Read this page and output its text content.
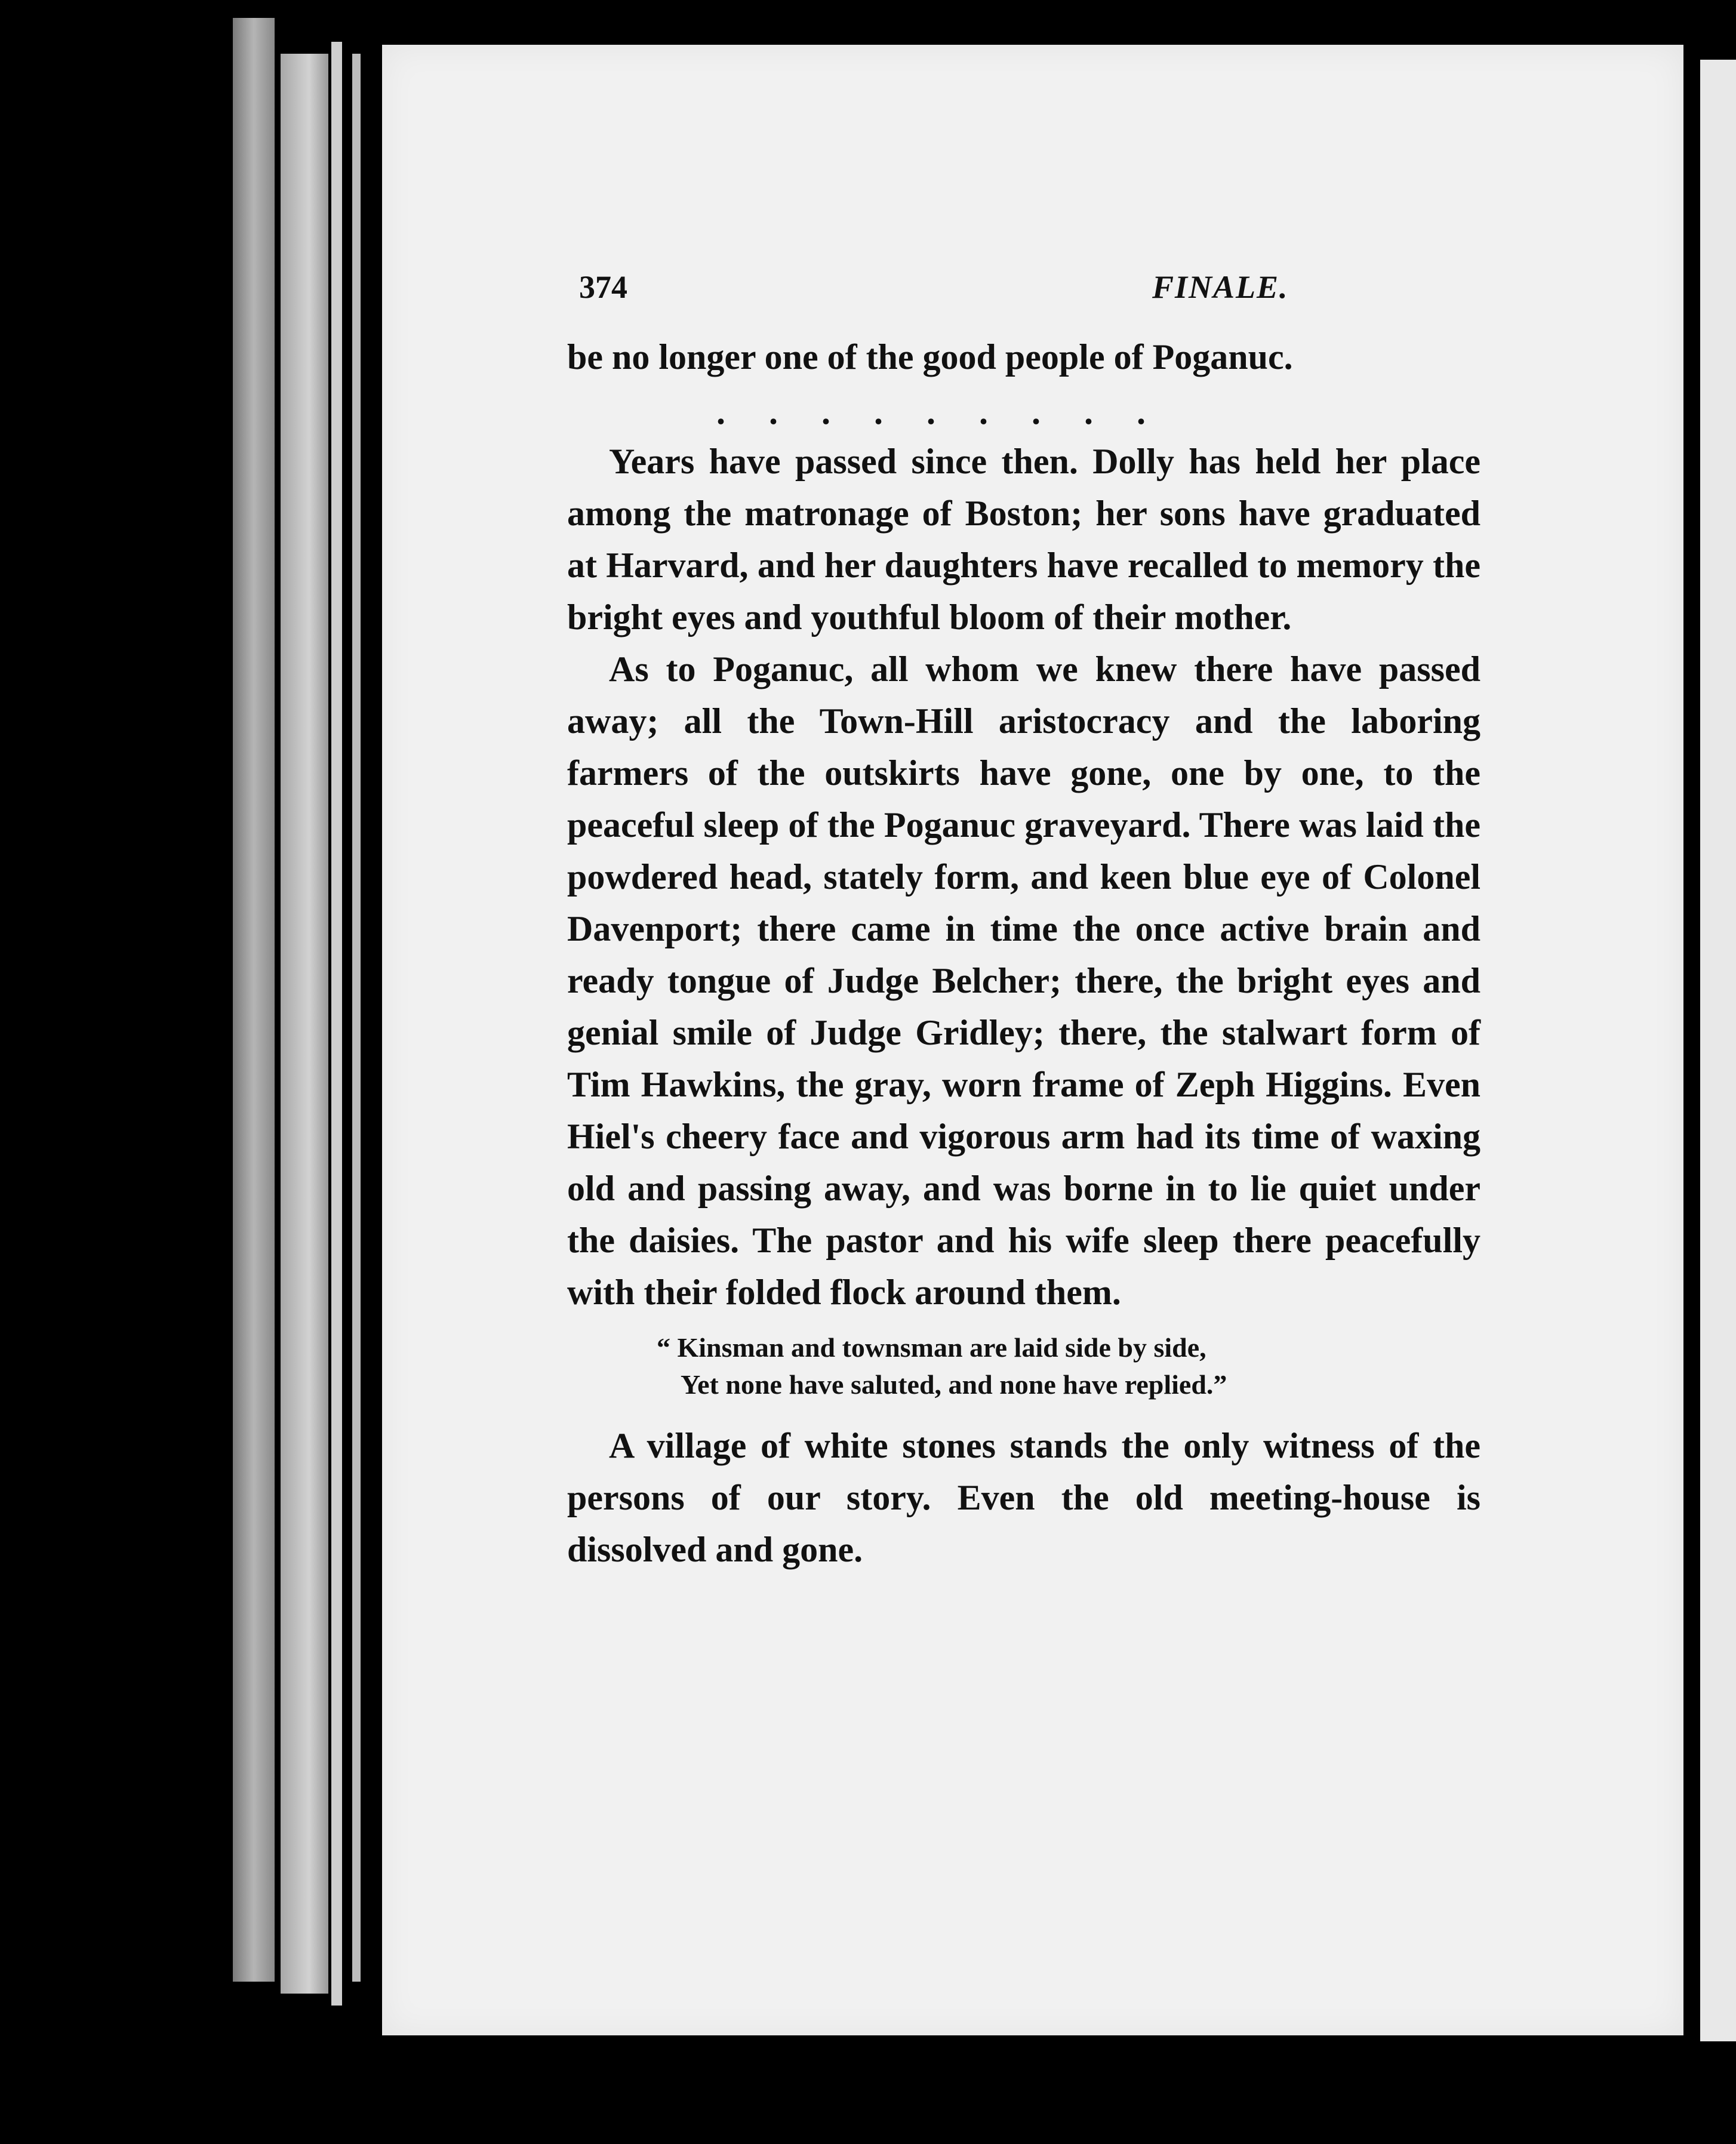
374	FINALE.

be no longer one of the good people of Poganuc.

. . . . . . . . .

Years have passed since then. Dolly has held her place among the matronage of Boston; her sons have graduated at Harvard, and her daughters have recalled to memory the bright eyes and youthful bloom of their mother.

As to Poganuc, all whom we knew there have passed away; all the Town-Hill aristocracy and the laboring farmers of the outskirts have gone, one by one, to the peaceful sleep of the Poganuc graveyard. There was laid the powdered head, stately form, and keen blue eye of Colonel Davenport; there came in time the once active brain and ready tongue of Judge Belcher; there, the bright eyes and genial smile of Judge Gridley; there, the stalwart form of Tim Hawkins, the gray, worn frame of Zeph Higgins. Even Hiel's cheery face and vigorous arm had its time of waxing old and passing away, and was borne in to lie quiet under the daisies. The pastor and his wife sleep there peacefully with their folded flock around them.

“ Kinsman and townsman are laid side by side,
Yet none have saluted, and none have replied.”

A village of white stones stands the only witness of the persons of our story. Even the old meeting-house is dissolved and gone.
